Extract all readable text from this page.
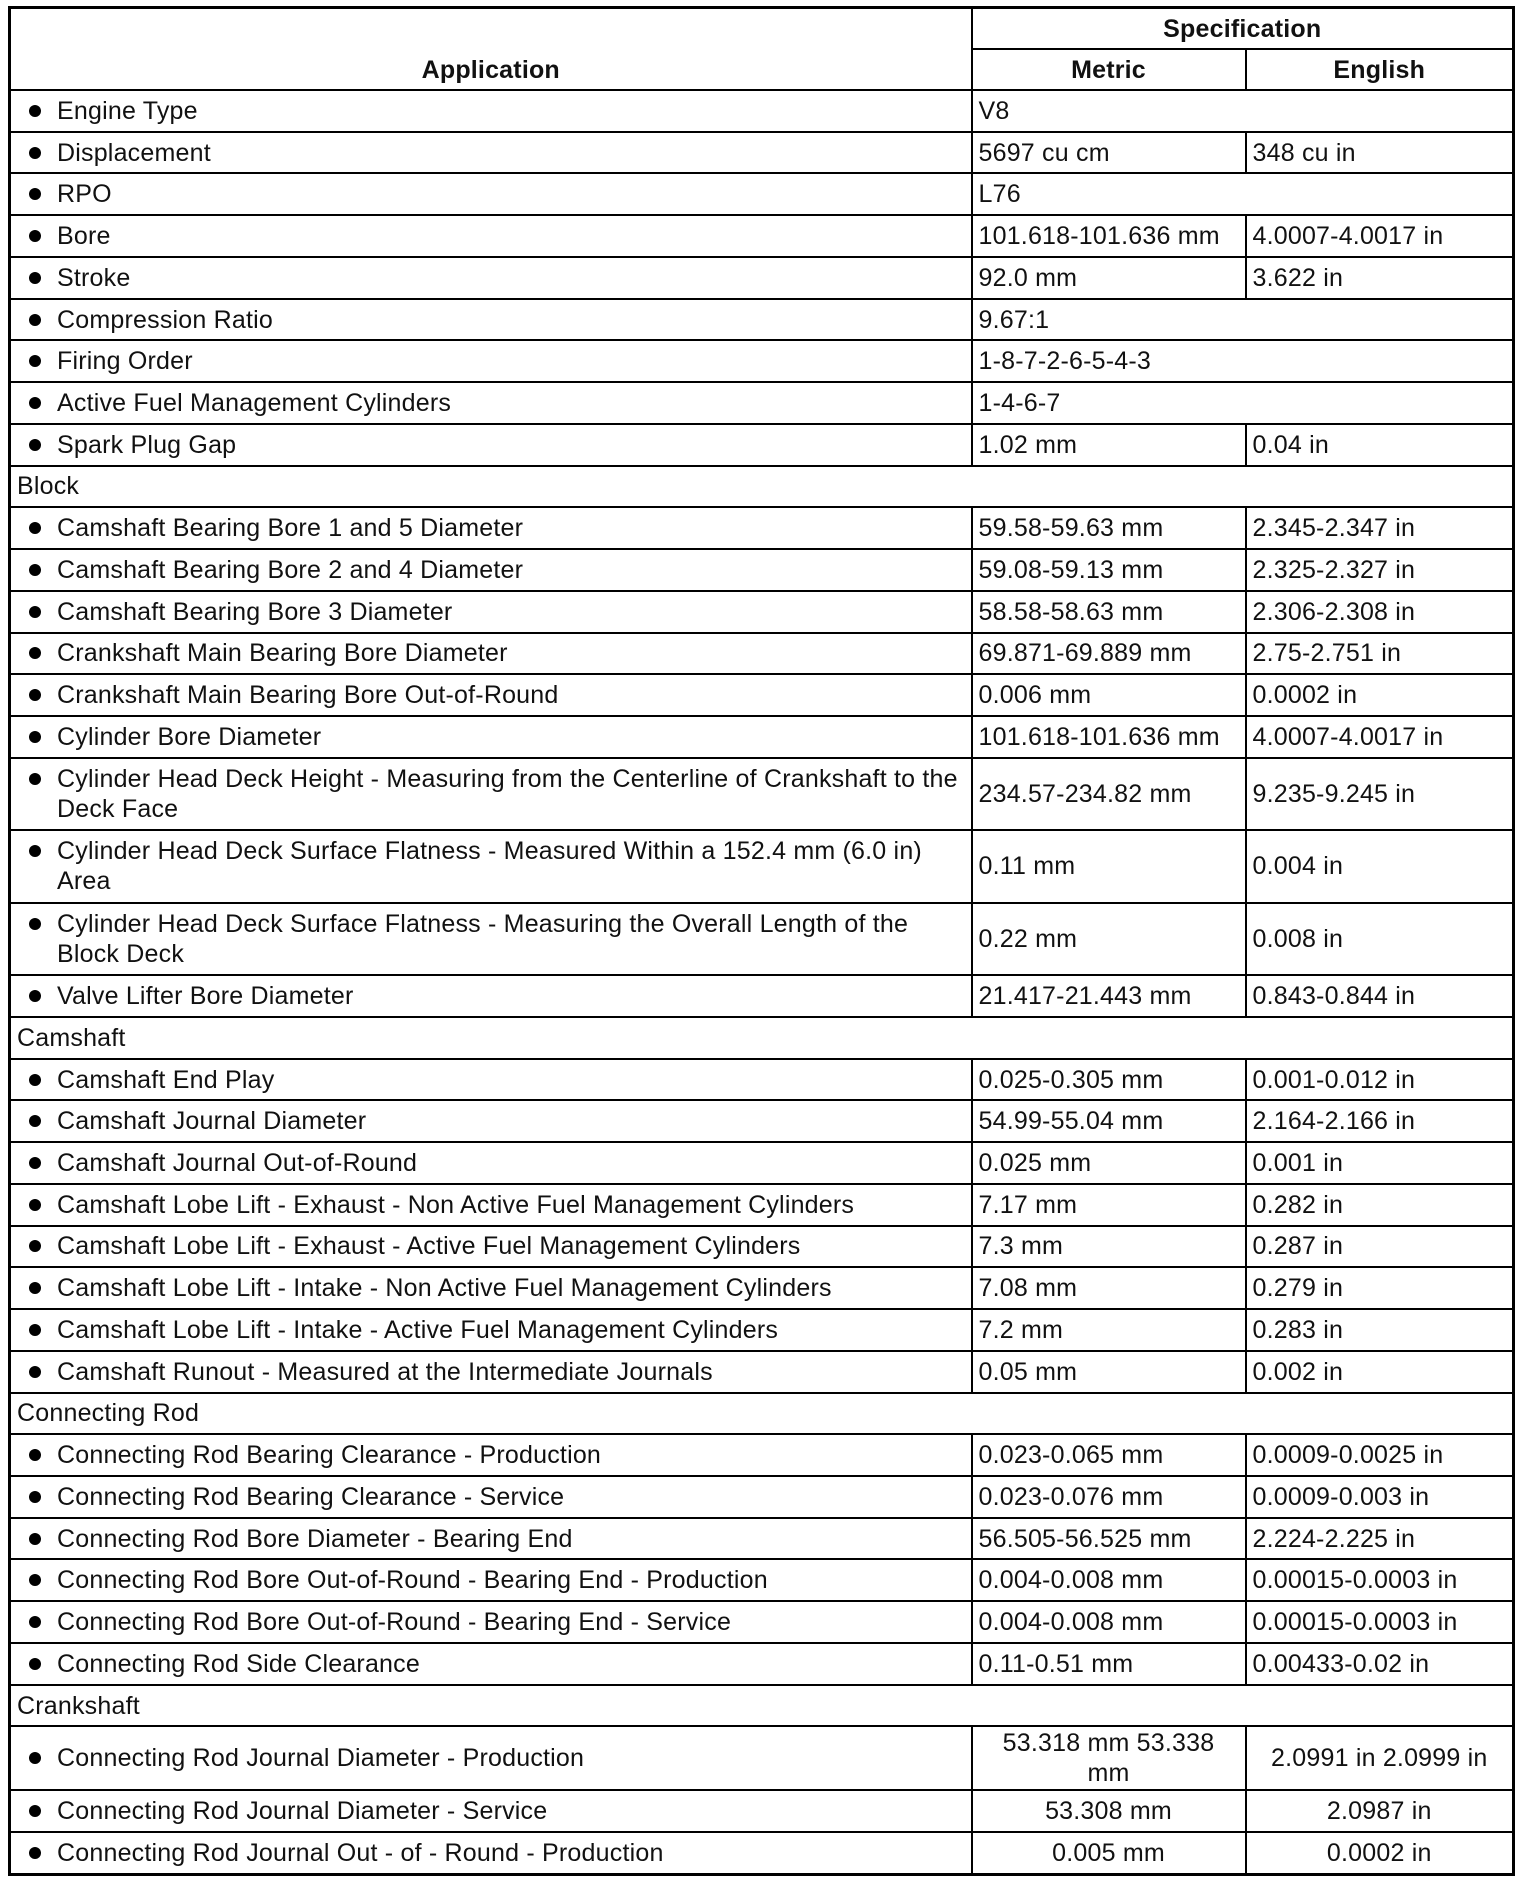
Application	Specification	
	Metric	English

Engine Type	V8	

Displacement	5697 cu cm	348 cu in

RPO	L76	

Bore	101.618-101.636 mm	4.0007-4.0017 in

Stroke	92.0 mm	3.622 in

Compression Ratio	9.67:1	

Firing Order	1-8-7-2-6-5-4-3	

Active Fuel Management Cylinders	1-4-6-7	

Spark Plug Gap	1.02 mm	0.04 in
Block		

Camshaft Bearing Bore 1 and 5 Diameter	59.58-59.63 mm	2.345-2.347 in

Camshaft Bearing Bore 2 and 4 Diameter	59.08-59.13 mm	2.325-2.327 in

Camshaft Bearing Bore 3 Diameter	58.58-58.63 mm	2.306-2.308 in

Crankshaft Main Bearing Bore Diameter	69.871-69.889 mm	2.75-2.751 in

Crankshaft Main Bearing Bore Out-of-Round	0.006 mm	0.0002 in

Cylinder Bore Diameter	101.618-101.636 mm	4.0007-4.0017 in

Cylinder Head Deck Height - Measuring from the Centerline of Crankshaft to the Deck Face	234.57-234.82 mm	9.235-9.245 in

Cylinder Head Deck Surface Flatness - Measured Within a 152.4 mm (6.0 in) Area	0.11 mm	0.004 in

Cylinder Head Deck Surface Flatness - Measuring the Overall Length of the Block Deck	0.22 mm	0.008 in

Valve Lifter Bore Diameter	21.417-21.443 mm	0.843-0.844 in
Camshaft		

Camshaft End Play	0.025-0.305 mm	0.001-0.012 in

Camshaft Journal Diameter	54.99-55.04 mm	2.164-2.166 in

Camshaft Journal Out-of-Round	0.025 mm	0.001 in

Camshaft Lobe Lift - Exhaust - Non Active Fuel Management Cylinders	7.17 mm	0.282 in

Camshaft Lobe Lift - Exhaust - Active Fuel Management Cylinders	7.3 mm	0.287 in

Camshaft Lobe Lift - Intake - Non Active Fuel Management Cylinders	7.08 mm	0.279 in

Camshaft Lobe Lift - Intake - Active Fuel Management Cylinders	7.2 mm	0.283 in

Camshaft Runout - Measured at the Intermediate Journals	0.05 mm	0.002 in
Connecting Rod		

Connecting Rod Bearing Clearance - Production	0.023-0.065 mm	0.0009-0.0025 in

Connecting Rod Bearing Clearance - Service	0.023-0.076 mm	0.0009-0.003 in

Connecting Rod Bore Diameter - Bearing End	56.505-56.525 mm	2.224-2.225 in

Connecting Rod Bore Out-of-Round - Bearing End - Production	0.004-0.008 mm	0.00015-0.0003 in

Connecting Rod Bore Out-of-Round - Bearing End - Service	0.004-0.008 mm	0.00015-0.0003 in

Connecting Rod Side Clearance	0.11-0.51 mm	0.00433-0.02 in
Crankshaft		

Connecting Rod Journal Diameter - Production	53.318 mm 53.338 mm	2.0991 in 2.0999 in

Connecting Rod Journal Diameter - Service	53.308 mm	2.0987 in

Connecting Rod Journal Out - of - Round - Production	0.005 mm	0.0002 in
